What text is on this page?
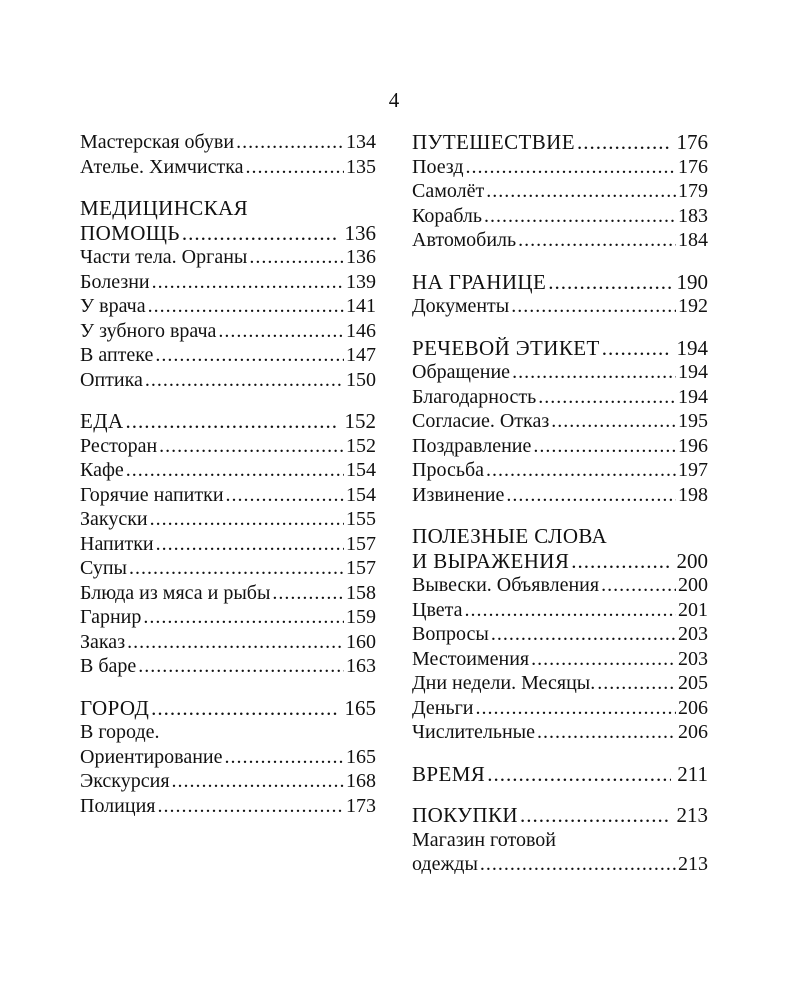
4
Мастерская обуви .....	134
Ателье. Химчистка .....	135
МЕДИЦИНСКАЯ
ПОМОЩЬ .....	136
Части тела. Органы .....	136
Болезни .....	139
У врача .....	141
У зубного врача .....	146
В аптеке .....	147
Оптика .....	150
ЕДА .....	152
Ресторан .....	152
Кафе .....	154
Горячие напитки .....	154
Закуски .....	155
Напитки .....	157
Супы .....	157
Блюда из мяса и рыбы .....	158
Гарнир .....	159
Заказ .....	160
В баре .....	163
ГОРОД .....	165
В городе.
Ориентирование .....	165
Экскурсия .....	168
Полиция .....	173
ПУТЕШЕСТВИЕ .....	176
Поезд .....	176
Самолёт .....	179
Корабль .....	183
Автомобиль .....	184
НА ГРАНИЦЕ .....	190
Документы .....	192
РЕЧЕВОЙ ЭТИКЕТ .....	194
Обращение .....	194
Благодарность .....	194
Согласие. Отказ .....	195
Поздравление .....	196
Просьба .....	197
Извинение .....	198
ПОЛЕЗНЫЕ СЛОВА
И ВЫРАЖЕНИЯ .....	200
Вывески. Объявления .....	200
Цвета .....	201
Вопросы .....	203
Местоимения .....	203
Дни недели. Месяцы. .....	205
Деньги .....	206
Числительные .....	206
ВРЕМЯ .....	211
ПОКУПКИ .....	213
Магазин готовой
одежды .....	213
